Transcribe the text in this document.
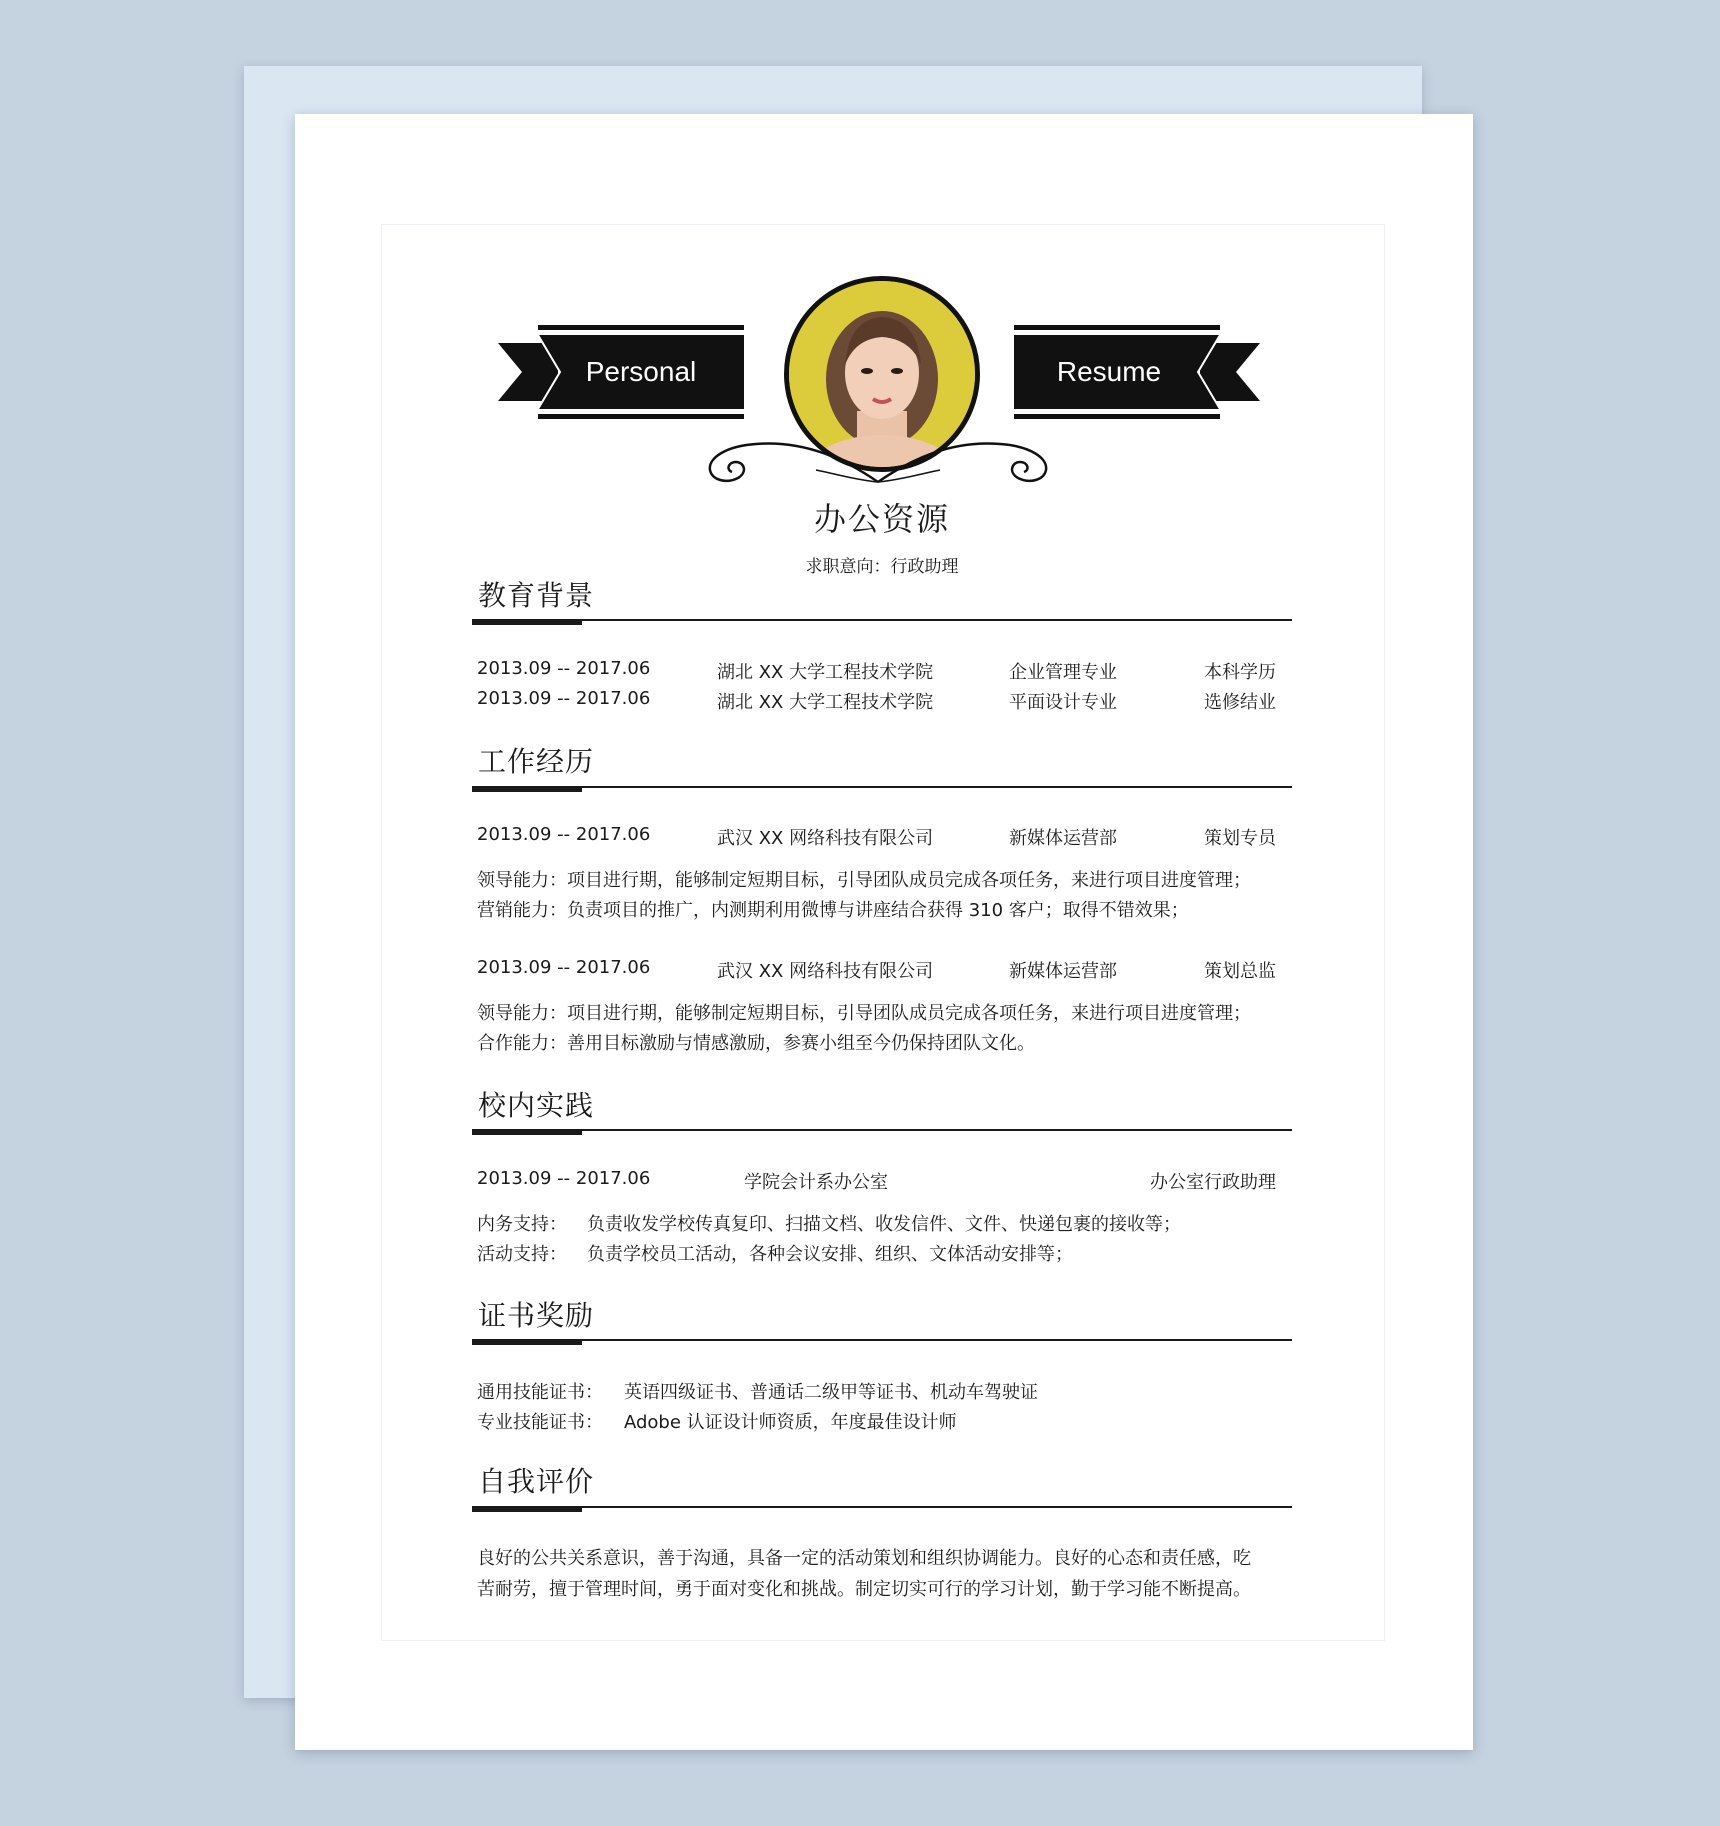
Personal	Resume
办公资源
求职意向：行政助理
教育背景
2013.09 -- 2017.06	湖北 XX 大学工程技术学院	企业管理专业	本科学历
2013.09 -- 2017.06	湖北 XX 大学工程技术学院	平面设计专业	选修结业
工作经历
2013.09 -- 2017.06	武汉 XX 网络科技有限公司	新媒体运营部	策划专员
领导能力：项目进行期，能够制定短期目标，引导团队成员完成各项任务，来进行项目进度管理；
营销能力：负责项目的推广，内测期利用微博与讲座结合获得 310 客户；取得不错效果；
2013.09 -- 2017.06	武汉 XX 网络科技有限公司	新媒体运营部	策划总监
领导能力：项目进行期，能够制定短期目标，引导团队成员完成各项任务，来进行项目进度管理；
合作能力：善用目标激励与情感激励，参赛小组至今仍保持团队文化。
校内实践
2013.09 -- 2017.06	学院会计系办公室	办公室行政助理
内务支持： 负责收发学校传真复印、扫描文档、收发信件、文件、快递包裹的接收等；
活动支持： 负责学校员工活动，各种会议安排、组织、文体活动安排等；
证书奖励
通用技能证书： 英语四级证书、普通话二级甲等证书、机动车驾驶证
专业技能证书： Adobe 认证设计师资质，年度最佳设计师
自我评价
良好的公共关系意识，善于沟通，具备一定的活动策划和组织协调能力。良好的心态和责任感，吃
苦耐劳，擅于管理时间，勇于面对变化和挑战。制定切实可行的学习计划，勤于学习能不断提高。
